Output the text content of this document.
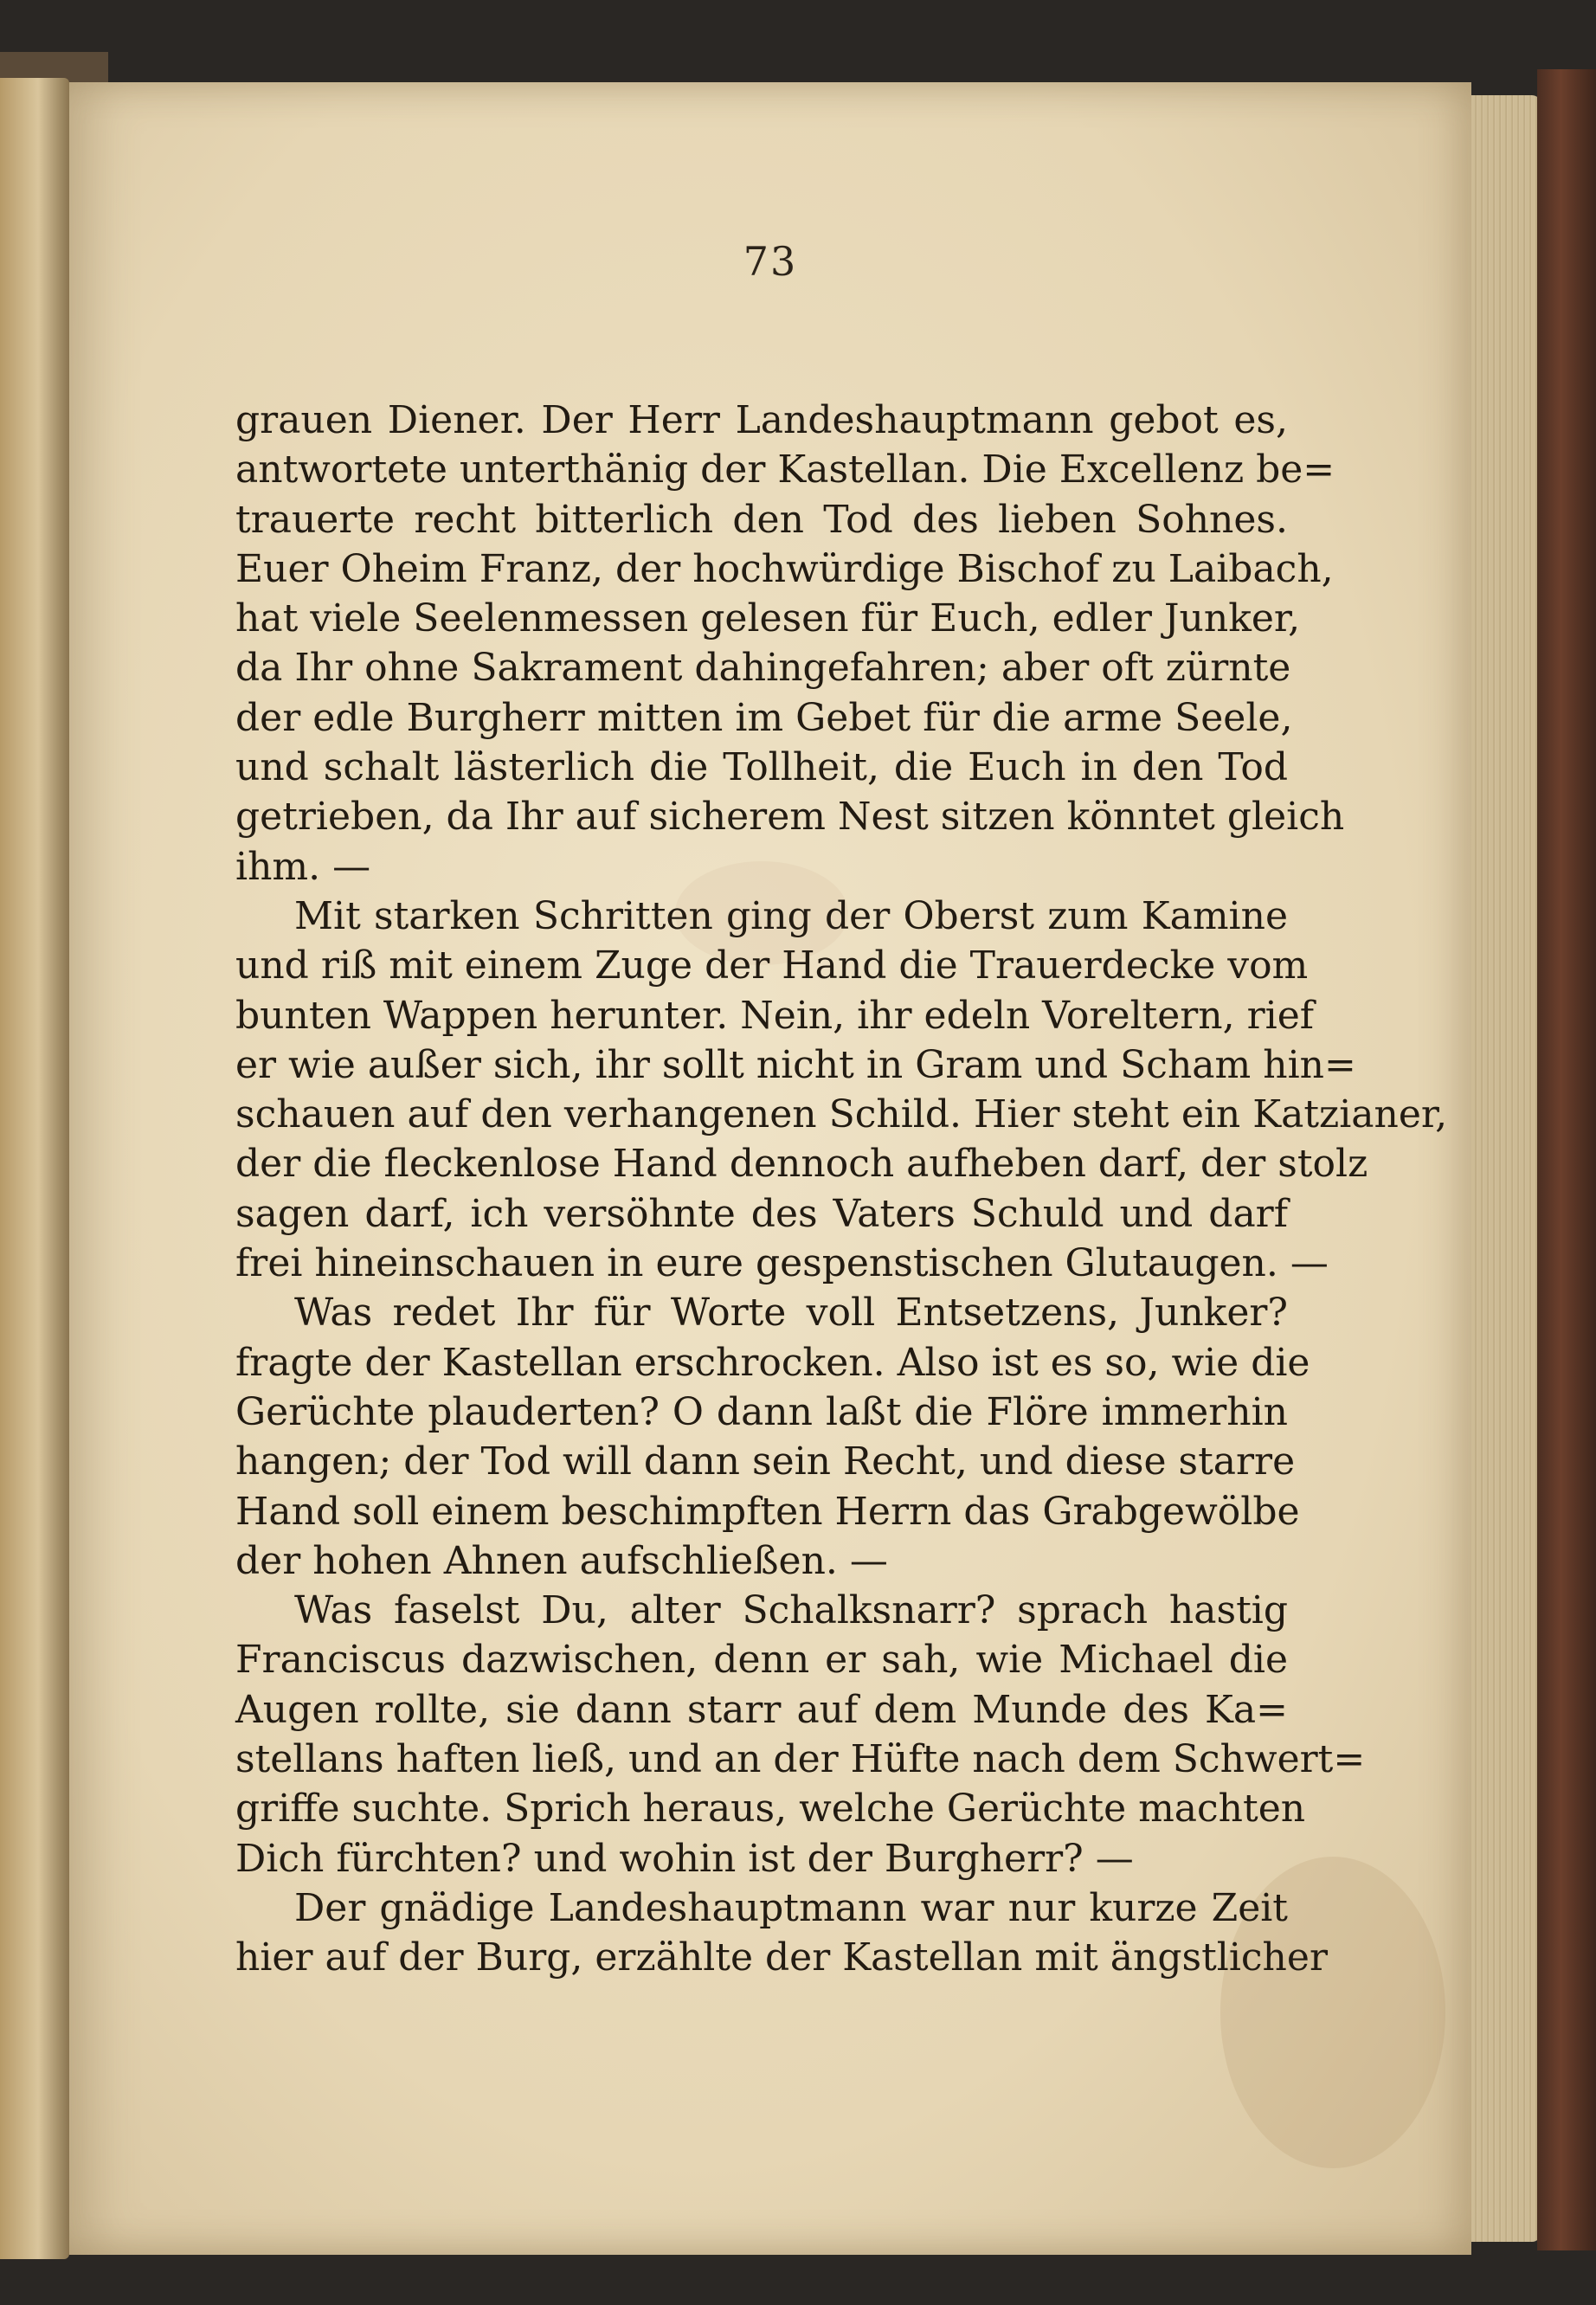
73
grauen Diener. Der Herr Landeshauptmann gebot es,
antwortete unterthänig der Kastellan. Die Excellenz be=
trauerte recht bitterlich den Tod des lieben Sohnes.
Euer Oheim Franz, der hochwürdige Bischof zu Laibach,
hat viele Seelenmessen gelesen für Euch, edler Junker,
da Ihr ohne Sakrament dahingefahren; aber oft zürnte
der edle Burgherr mitten im Gebet für die arme Seele,
und schalt lästerlich die Tollheit, die Euch in den Tod
getrieben, da Ihr auf sicherem Nest sitzen könntet gleich
ihm. —
Mit starken Schritten ging der Oberst zum Kamine
und riß mit einem Zuge der Hand die Trauerdecke vom
bunten Wappen herunter. Nein, ihr edeln Voreltern, rief
er wie außer sich, ihr sollt nicht in Gram und Scham hin=
schauen auf den verhangenen Schild. Hier steht ein Katzianer,
der die fleckenlose Hand dennoch aufheben darf, der stolz
sagen darf, ich versöhnte des Vaters Schuld und darf
frei hineinschauen in eure gespenstischen Glutaugen. —
Was redet Ihr für Worte voll Entsetzens, Junker?
fragte der Kastellan erschrocken. Also ist es so, wie die
Gerüchte plauderten? O dann laßt die Flöre immerhin
hangen; der Tod will dann sein Recht, und diese starre
Hand soll einem beschimpften Herrn das Grabgewölbe
der hohen Ahnen aufschließen. —
Was faselst Du, alter Schalksnarr? sprach hastig
Franciscus dazwischen, denn er sah, wie Michael die
Augen rollte, sie dann starr auf dem Munde des Ka=
stellans haften ließ, und an der Hüfte nach dem Schwert=
griffe suchte. Sprich heraus, welche Gerüchte machten
Dich fürchten? und wohin ist der Burgherr? —
Der gnädige Landeshauptmann war nur kurze Zeit
hier auf der Burg, erzählte der Kastellan mit ängstlicher
